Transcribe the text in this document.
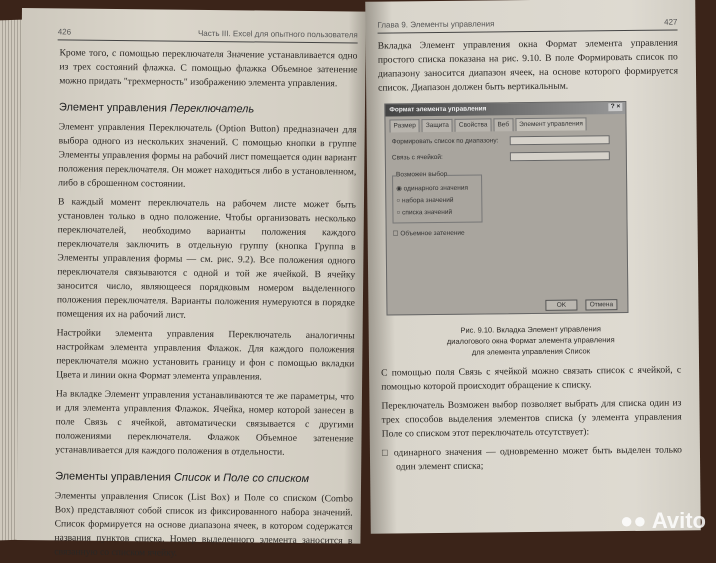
426	Часть III. Excel для опытного пользователя

Кроме того, с помощью переключателя Значение устанавливается одно из трех состояний флажка. С помощью флажка Объемное затенение можно придать "трехмерность" изображению элемента управления.

Элемент управления Переключатель

Элемент управления Переключатель (Option Button) предназначен для выбора одного из нескольких значений. С помощью кнопки в группе Элементы управления формы на рабочий лист помещается один вариант положения переключателя. Он может находиться либо в установленном, либо в сброшенном состоянии.

В каждый момент переключатель на рабочем листе может быть установлен только в одно положение. Чтобы организовать несколько переключателей, необходимо варианты положения каждого переключателя заключить в отдельную группу (кнопка Группа в Элементы управления формы — см. рис. 9.2). Все положения одного переключателя связываются с одной и той же ячейкой. В ячейку заносится число, являющееся порядковым номером выделенного положения переключателя. Варианты положения нумеруются в порядке помещения их на рабочий лист.

Настройки элемента управления Переключатель аналогичны настройкам элемента управления Флажок. Для каждого положения переключателя можно установить границу и фон с помощью вкладки Цвета и линии окна Формат элемента управления.

На вкладке Элемент управления устанавливаются те же параметры, что и для элемента управления Флажок. Ячейка, номер которой занесен в поле Связь с ячейкой, автоматически связывается с другими положениями переключателя. Флажок Объемное затенение устанавливается для каждого положения в отдельности.

Элементы управления Список и Поле со списком

Элементы управления Список (List Box) и Поле со списком (Combo Box) представляют собой список из фиксированного набора значений. Список формируется на основе диапазона ячеек, в котором содержатся названия пунктов списка. Номер выделенного элемента заносится в связанную со списком ячейку.

Глава 9. Элементы управления	427

Вкладка Элемент управления окна Формат элемента управления простого списка показана на рис. 9.10. В поле Формировать список по диапазону заносится диапазон ячеек, на основе которого формируется список. Диапазон должен быть вертикальным.

Формат элемента управления	? ×
Размер	Защита	Свойства	Веб	Элемент управления
Формировать список по диапазону:
Связь с ячейкой:
Возможен выбор
◉ одинарного значения
○ набора значений
○ списка значений
☐ Объемное затенение
OK	Отмена
Рис. 9.10. Вкладка Элемент управления
диалогового окна Формат элемента управления
для элемента управления Список

С помощью поля Связь с ячейкой можно связать список с ячейкой, с помощью которой происходит обращение к списку.

Переключатель Возможен выбор позволяет выбрать для списка один из трех способов выделения элементов списка (у элемента управления Поле со списком этот переключатель отсутствует):

□ одинарного значения — одновременно может быть выделен только один элемент списка;

●● Avito
